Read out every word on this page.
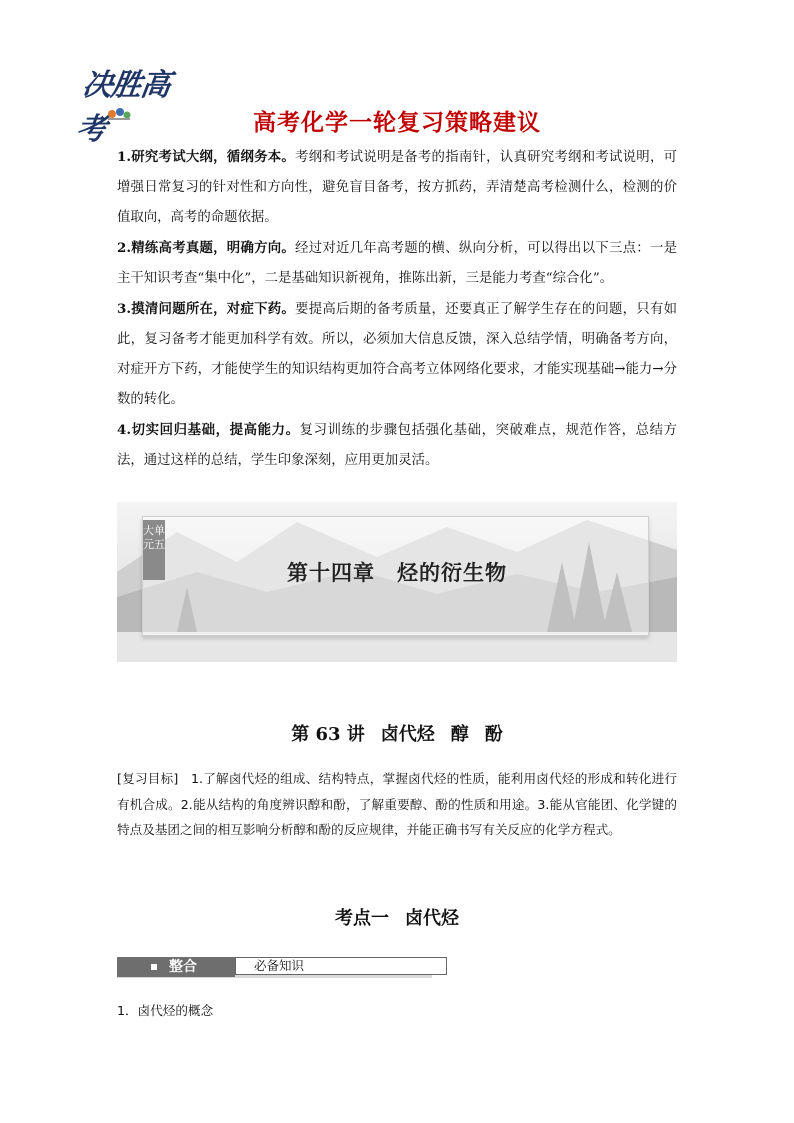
决胜高考	高考化学一轮复习策略建议

1.研究考试大纲，循纲务本。考纲和考试说明是备考的指南针，认真研究考纲和考试说明，可增强日常复习的针对性和方向性，避免盲目备考，按方抓药，弄清楚高考检测什么，检测的价值取向，高考的命题依据。

2.精练高考真题，明确方向。经过对近几年高考题的横、纵向分析，可以得出以下三点：一是主干知识考查“集中化”，二是基础知识新视角，推陈出新，三是能力考查“综合化”。

3.摸清问题所在，对症下药。要提高后期的备考质量，还要真正了解学生存在的问题，只有如此，复习备考才能更加科学有效。所以，必须加大信息反馈，深入总结学情，明确备考方向，对症开方下药，才能使学生的知识结构更加符合高考立体网络化要求，才能实现基础→能力→分数的转化。

4.切实回归基础，提高能力。复习训练的步骤包括强化基础，突破难点，规范作答，总结方法，通过这样的总结，学生印象深刻，应用更加灵活。

大单元五
第十四章 烃的衍生物
第 63 讲 卤代烃 醇 酚
[复习目标] 1.了解卤代烃的组成、结构特点，掌握卤代烃的性质，能利用卤代烃的形成和转化进行有机合成。2.能从结构的角度辨识醇和酚，了解重要醇、酚的性质和用途。3.能从官能团、化学键的特点及基团之间的相互影响分析醇和酚的反应规律，并能正确书写有关反应的化学方程式。
考点一 卤代烃
整合	必备知识
1．卤代烃的概念
